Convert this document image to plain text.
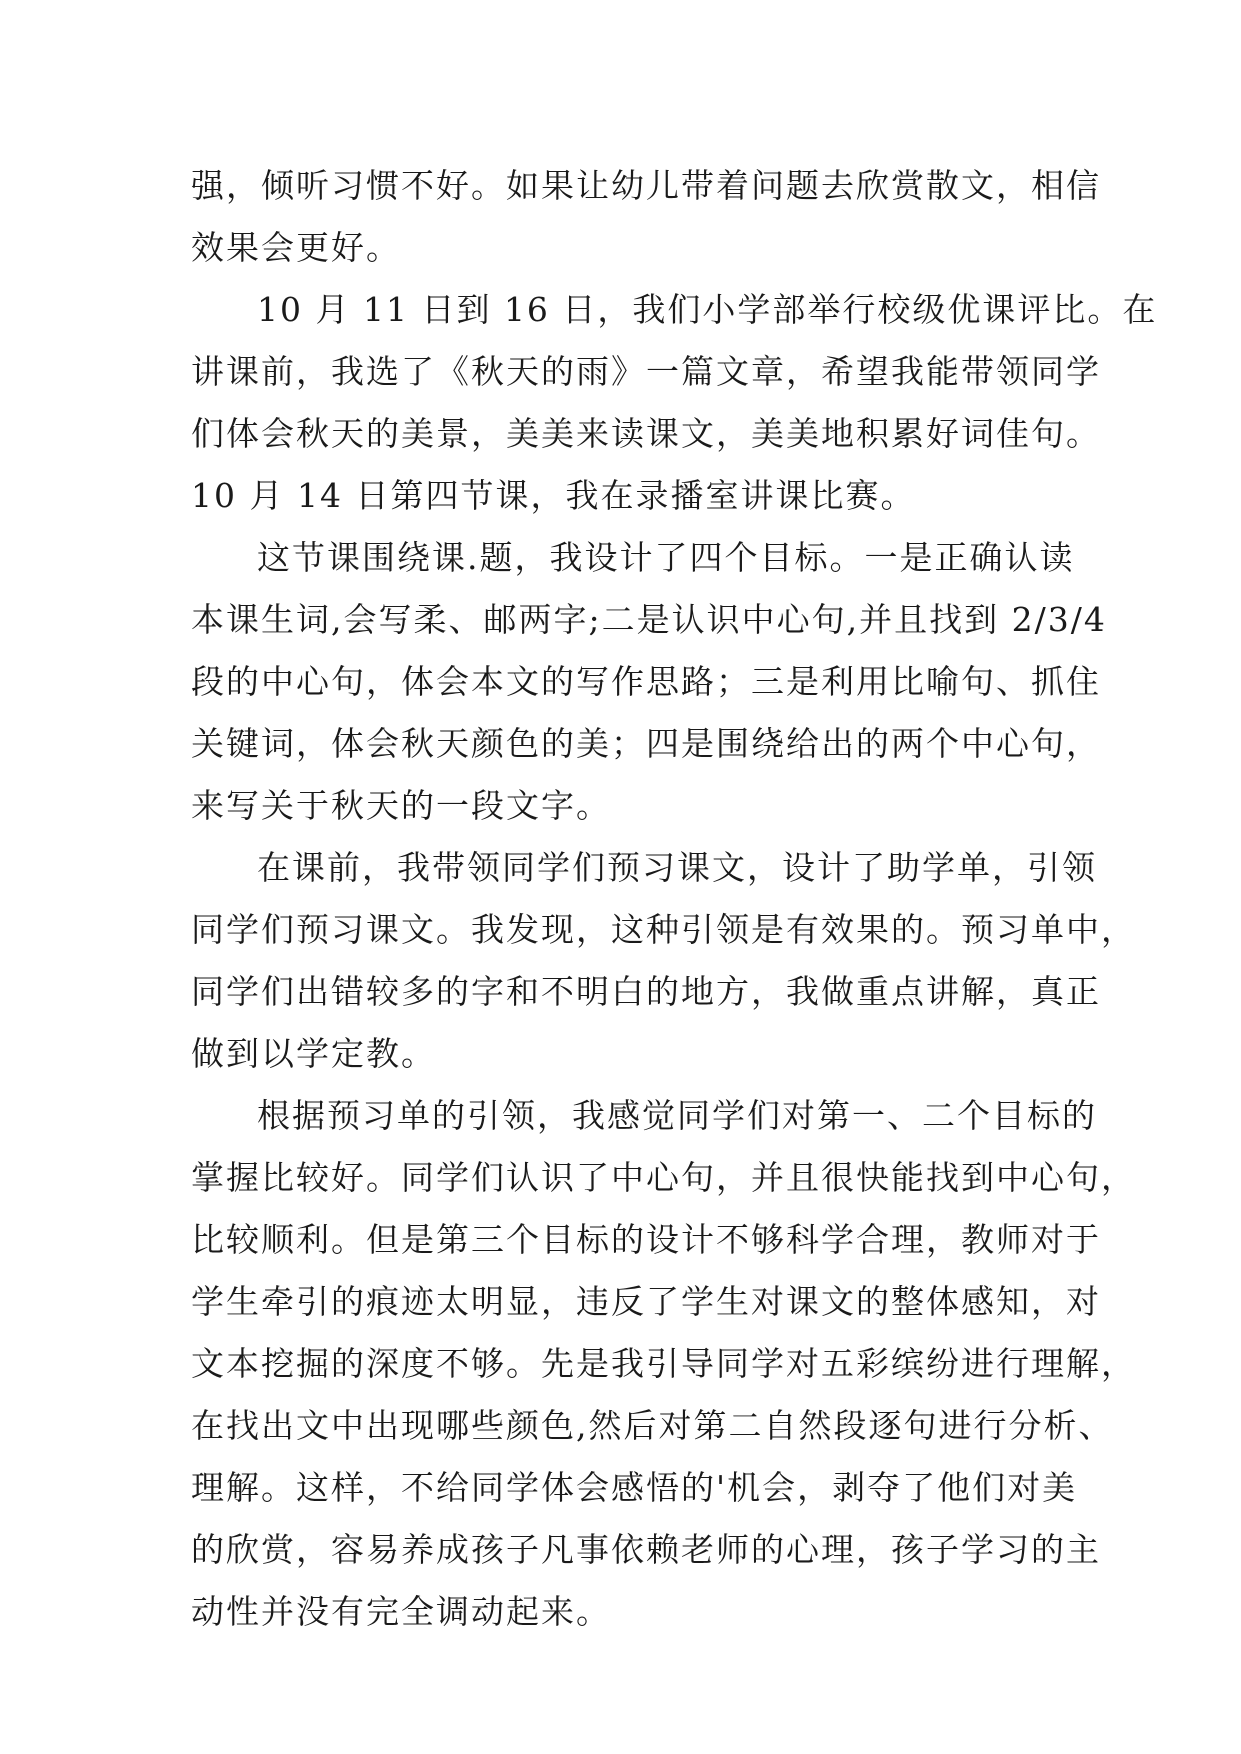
强，倾听习惯不好。如果让幼儿带着问题去欣赏散文，相信
效果会更好。
10 月 11 日到 16 日，我们小学部举行校级优课评比。在
讲课前，我选了《秋天的雨》一篇文章，希望我能带领同学
们体会秋天的美景，美美来读课文，美美地积累好词佳句。
10 月 14 日第四节课，我在录播室讲课比赛。
这节课围绕课.题，我设计了四个目标。一是正确认读
本课生词,会写柔、邮两字;二是认识中心句,并且找到 2/3/4
段的中心句，体会本文的写作思路；三是利用比喻句、抓住
关键词，体会秋天颜色的美；四是围绕给出的两个中心句，
来写关于秋天的一段文字。
在课前，我带领同学们预习课文，设计了助学单，引领
同学们预习课文。我发现，这种引领是有效果的。预习单中，
同学们出错较多的字和不明白的地方，我做重点讲解，真正
做到以学定教。
根据预习单的引领，我感觉同学们对第一、二个目标的
掌握比较好。同学们认识了中心句，并且很快能找到中心句，
比较顺利。但是第三个目标的设计不够科学合理，教师对于
学生牵引的痕迹太明显，违反了学生对课文的整体感知，对
文本挖掘的深度不够。先是我引导同学对五彩缤纷进行理解，
在找出文中出现哪些颜色,然后对第二自然段逐句进行分析、
理解。这样，不给同学体会感悟的'机会，剥夺了他们对美
的欣赏，容易养成孩子凡事依赖老师的心理，孩子学习的主
动性并没有完全调动起来。
